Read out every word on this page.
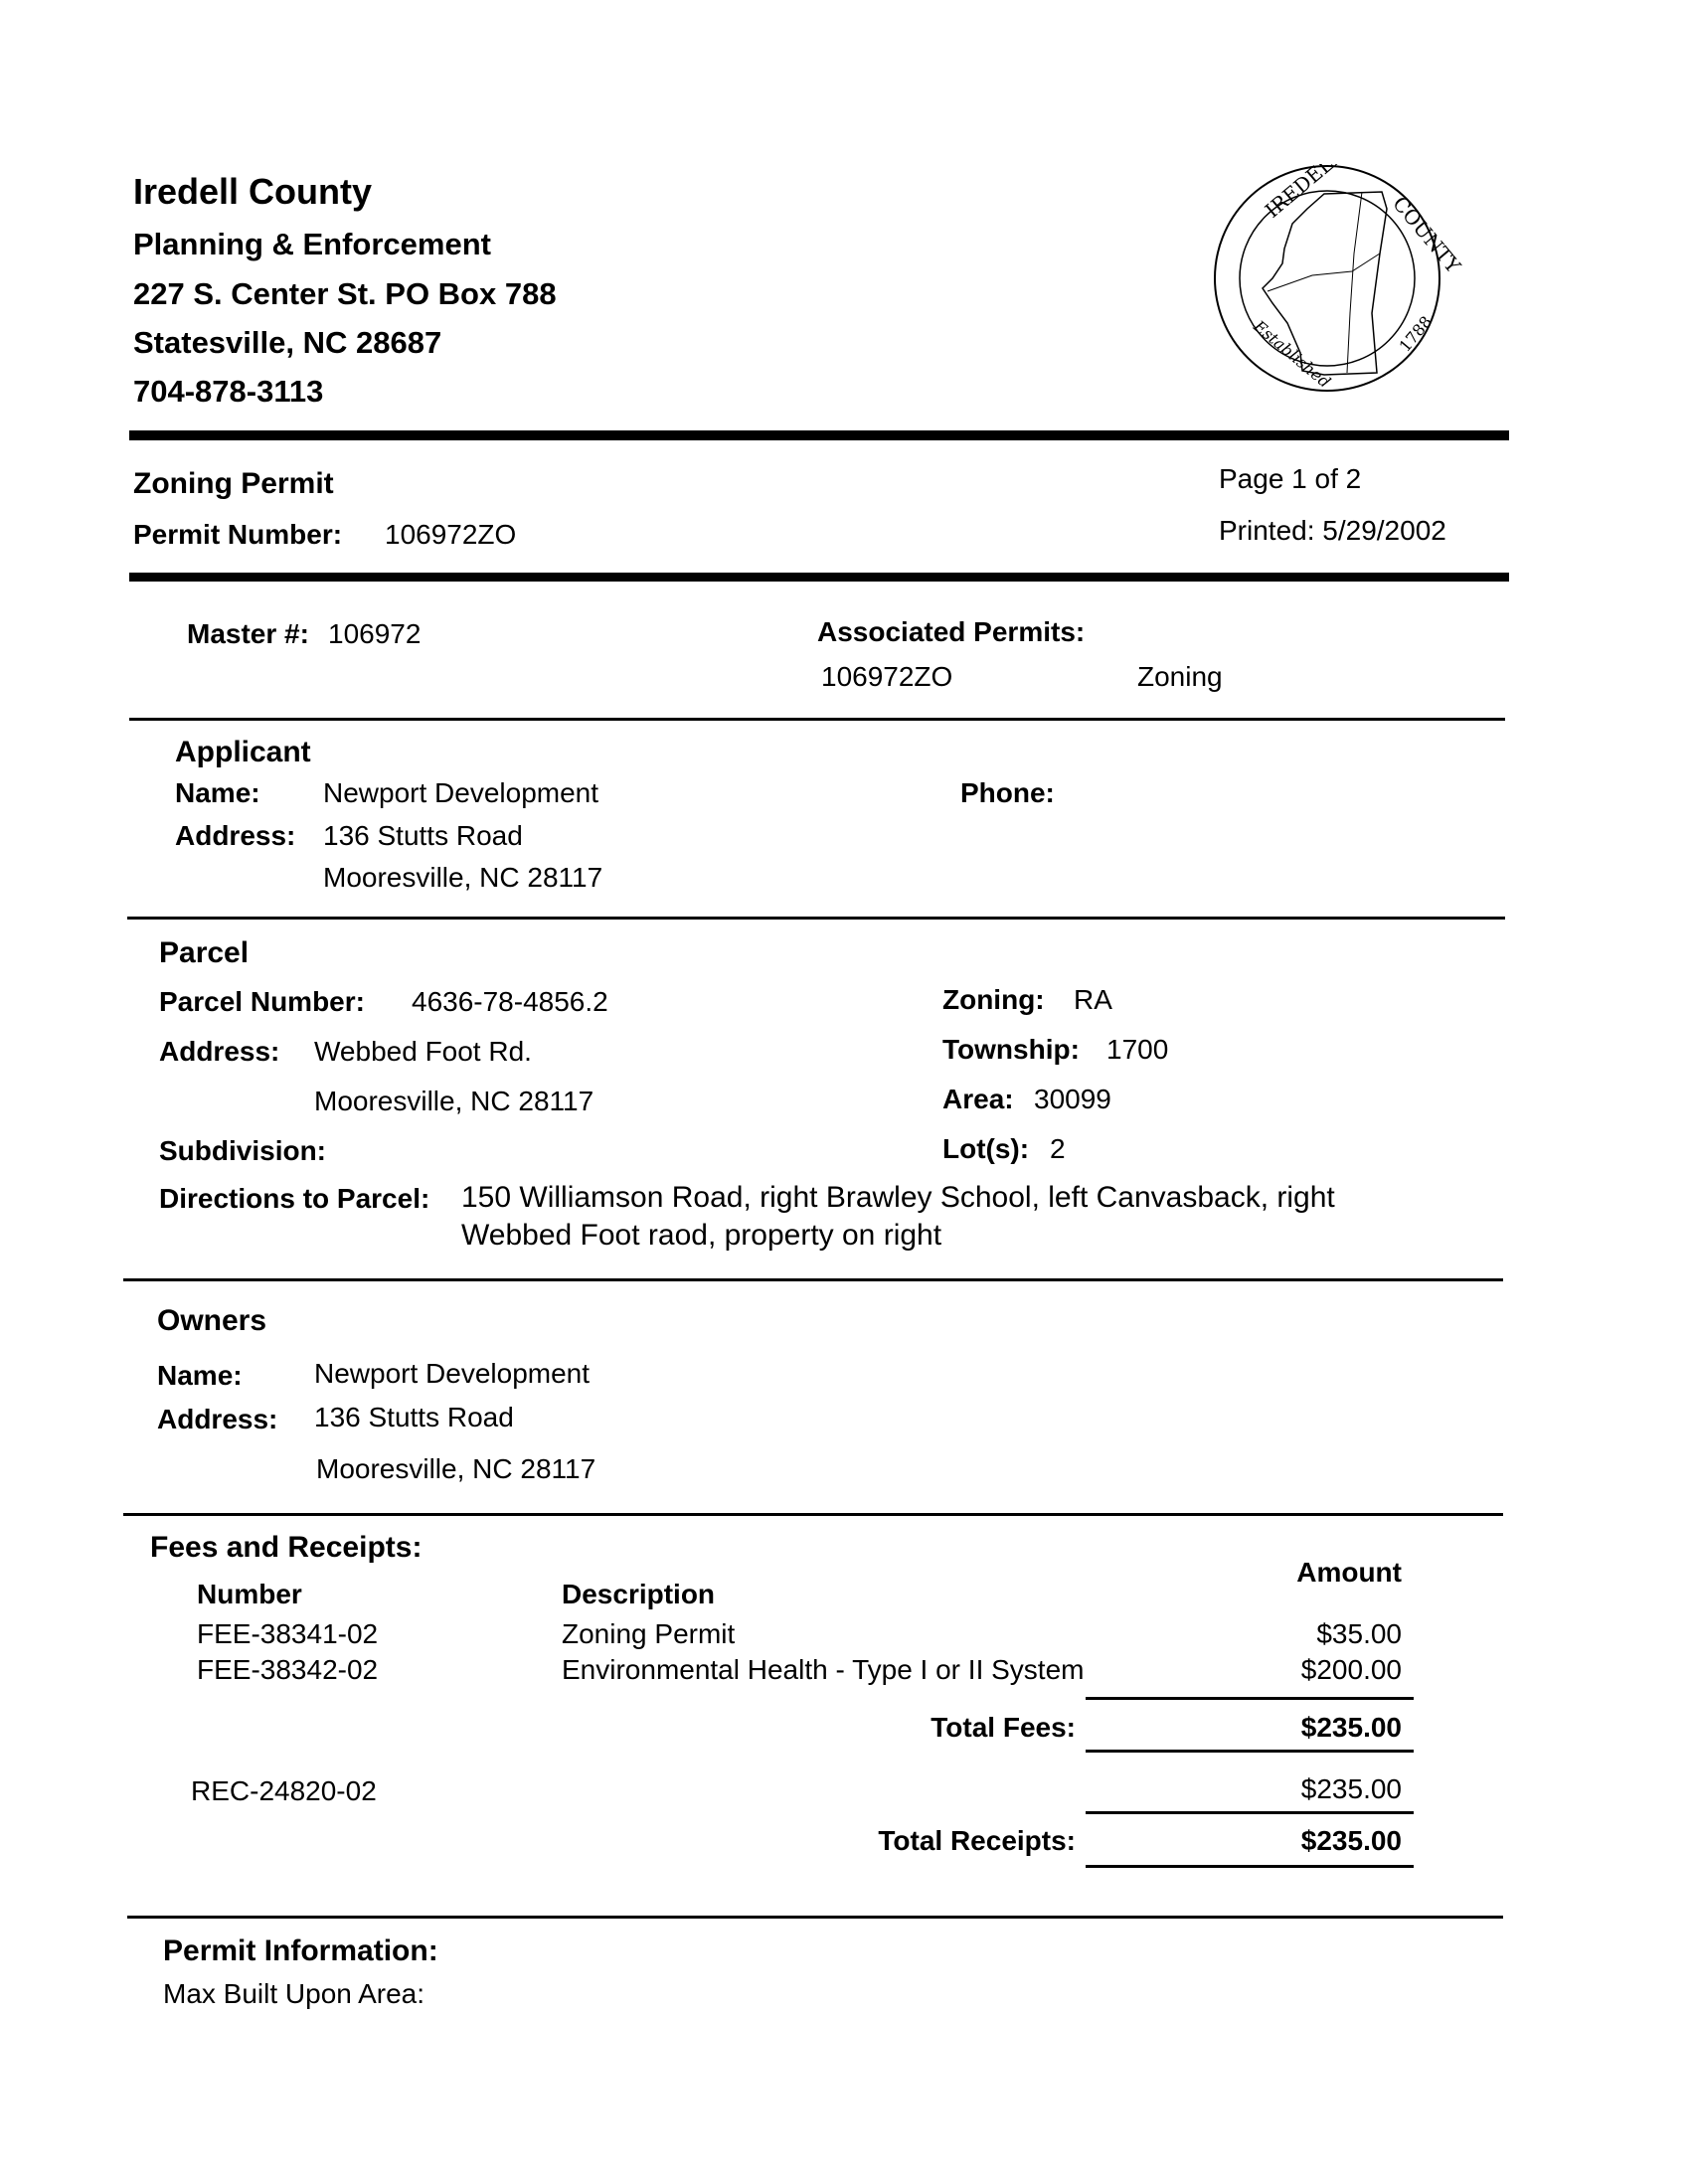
Iredell County
Planning & Enforcement
227 S. Center St. PO Box 788
Statesville, NC 28687
704-878-3113
IREDELL
COUNTY
Established	1788
Zoning Permit
Permit Number: 106972ZO
Page 1 of 2
Printed: 5/29/2002
Master #: 106972	Associated Permits:
106972ZO	Zoning
Applicant
Name: Newport Development
Address: 136 Stutts Road
Mooresville, NC 28117
Phone:
Parcel
Parcel Number: 4636-78-4856.2
Address: Webbed Foot Rd.
Mooresville, NC 28117
Subdivision:
Zoning: RA
Township: 1700
Area: 30099
Lot(s): 2
Directions to Parcel: 150 Williamson Road, right Brawley School, left Canvasback, right
Webbed Foot raod, property on right
Owners
Name:	Newport Development
Address: 136 Stutts Road
Mooresville, NC 28117
Fees and Receipts:
Number	Description
Amount
FEE-38341-02	Zoning Permit	$35.00
FEE-38342-02	Environmental Health - Type I or II System	$200.00
Total Fees:	$235.00
REC-24820-02	$235.00
Total Receipts:	$235.00
Permit Information:
Max Built Upon Area:
